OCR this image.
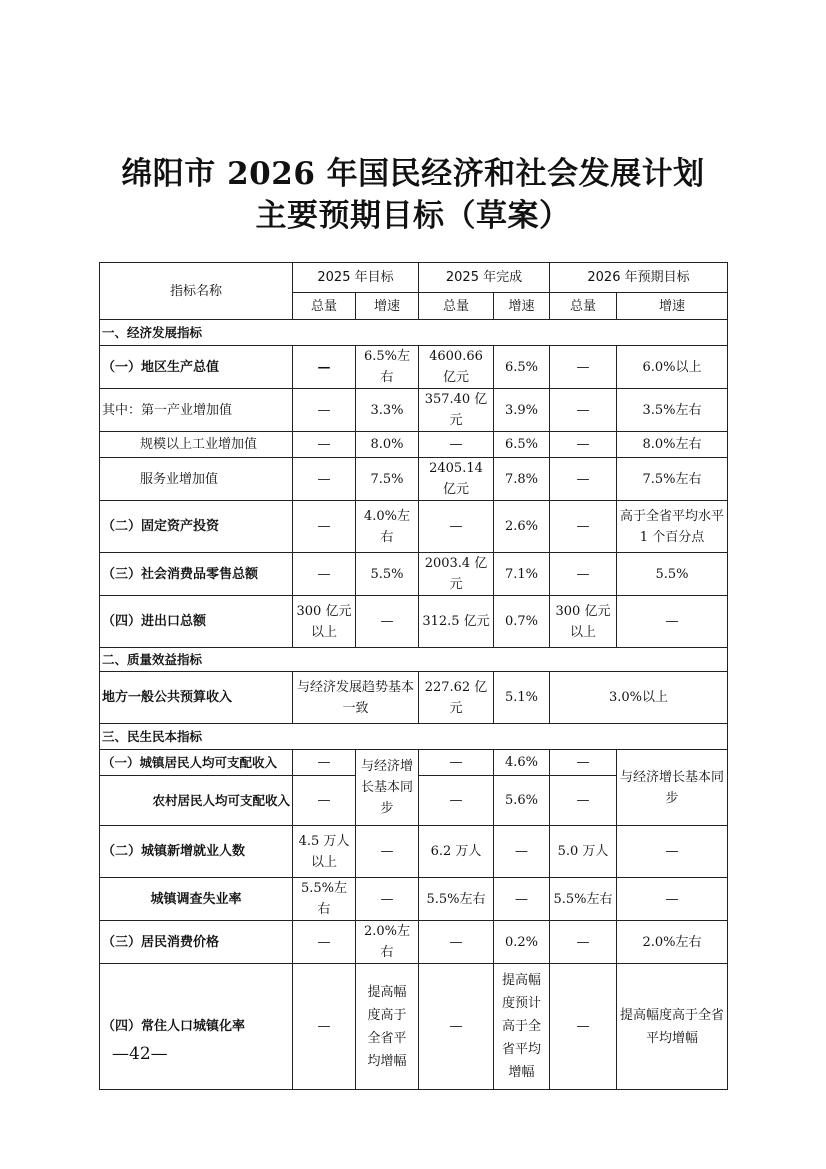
绵阳市 2026 年国民经济和社会发展计划
主要预期目标（草案）
指标名称	2025 年目标		2025 年完成		2026 年预期目标	
	总量	增速	总量	增速	总量	增速
一、经济发展指标						
（一）地区生产总值	—	6.5%左右	4600.66 亿元	6.5%	—	6.0%以上
其中：第一产业增加值	—	3.3%	357.40 亿元	3.9%	—	3.5%左右
规模以上工业增加值	—	8.0%	—	6.5%	—	8.0%左右
服务业增加值	—	7.5%	2405.14 亿元	7.8%	—	7.5%左右
（二）固定资产投资	—	4.0%左右	—	2.6%	—	高于全省平均水平 1 个百分点
（三）社会消费品零售总额	—	5.5%	2003.4 亿元	7.1%	—	5.5%
（四）进出口总额	300 亿元以上	—	312.5 亿元	0.7%	300 亿元以上	—
二、质量效益指标						
地方一般公共预算收入	与经济发展趋势基本一致		227.62 亿元	5.1%	3.0%以上	
三、民生民本指标						
（一）城镇居民人均可支配收入	—	与经济增长基本同步	—	4.6%	—	与经济增长基本同步
农村居民人均可支配收入	—		—	5.6%	—	
（二）城镇新增就业人数	4.5 万人以上	—	6.2 万人	—	5.0 万人	—
城镇调查失业率	5.5%左右	—	5.5%左右	—	5.5%左右	—
（三）居民消费价格	—	2.0%左右	—	0.2%	—	2.0%左右
（四）常住人口城镇化率	—	提高幅度高于全省平均增幅	—	提高幅度预计高于全省平均增幅	—	提高幅度高于全省平均增幅
—42—
